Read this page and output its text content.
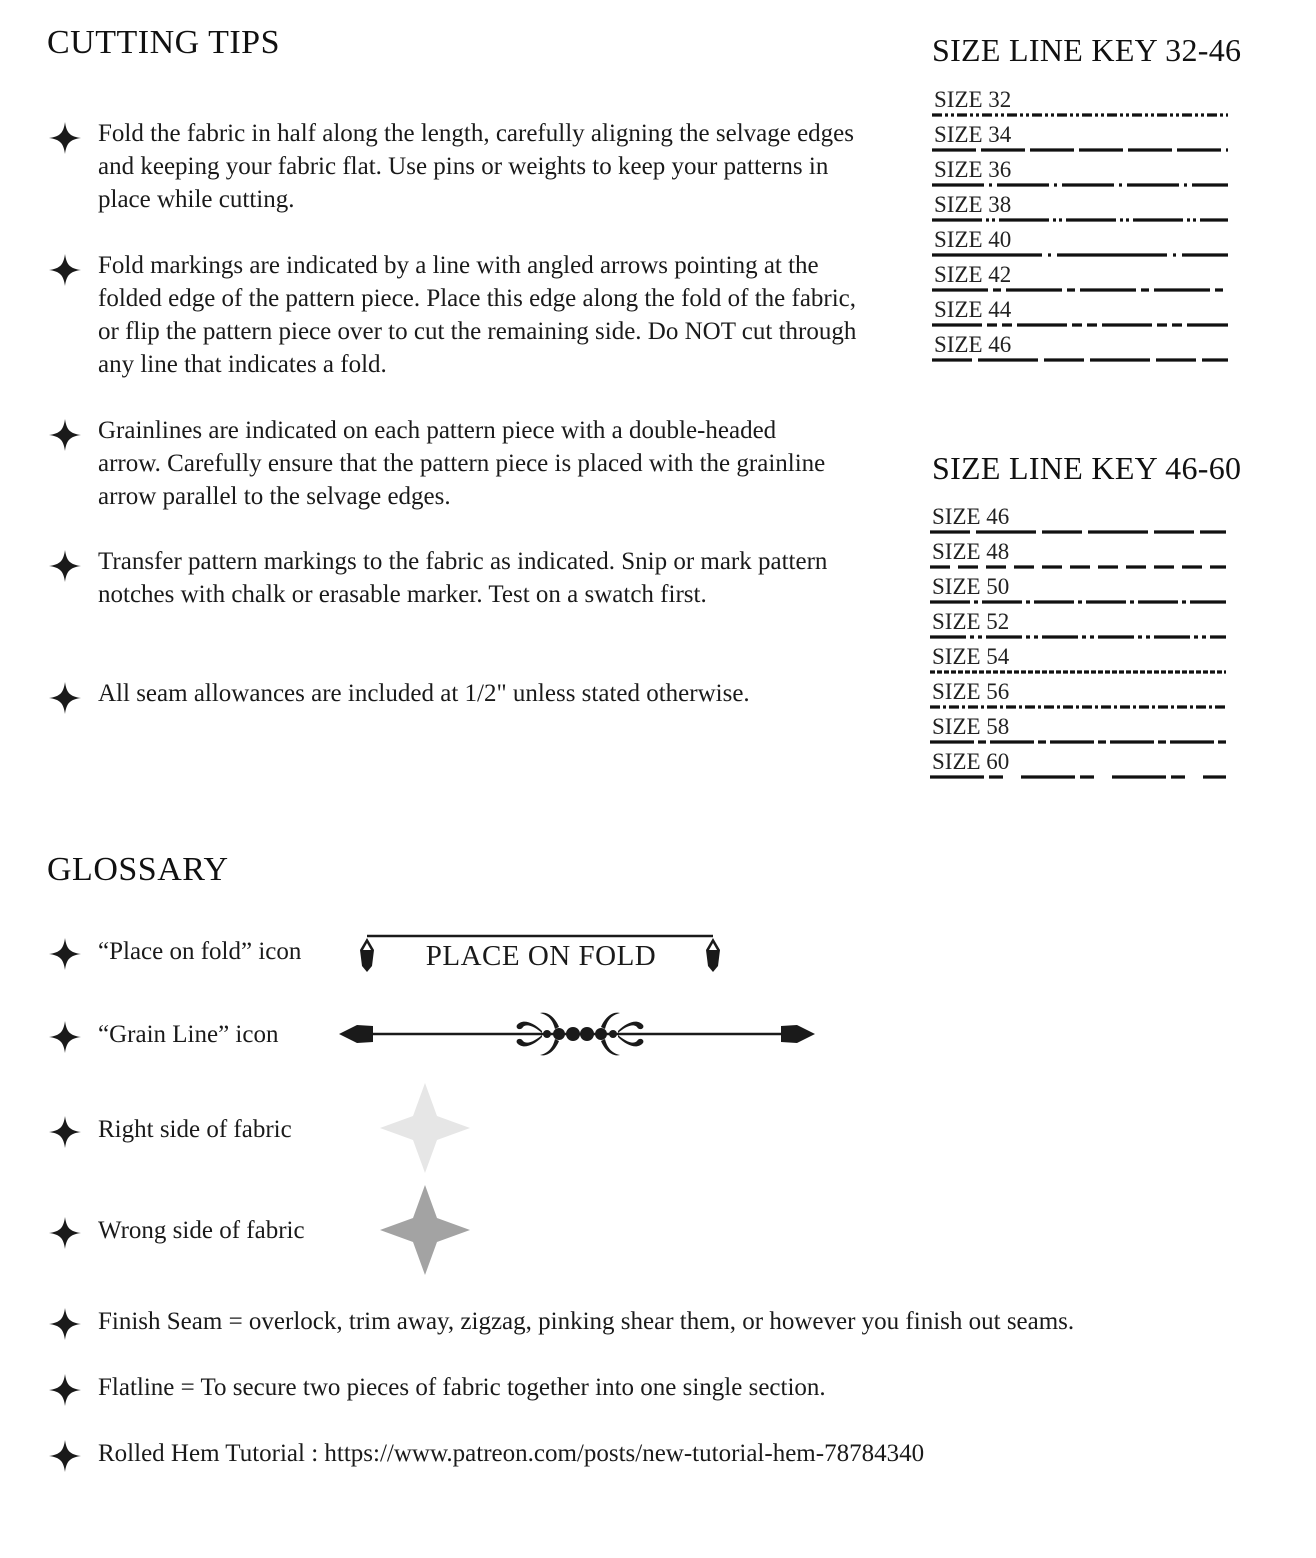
CUTTING TIPS
Fold the fabric in half along the length, carefully aligning the selvage edges and keeping your fabric flat. Use pins or weights to keep your patterns in place while cutting.
Fold markings are indicated by a line with angled arrows pointing at the folded edge of the pattern piece. Place this edge along the fold of the fabric, or flip the pattern piece over to cut the remaining side. Do NOT cut through any line that indicates a fold.
Grainlines are indicated on each pattern piece with a double-headed arrow. Carefully ensure that the pattern piece is placed with the grainline arrow parallel to the selvage edges.
Transfer pattern markings to the fabric as indicated. Snip or mark pattern notches with chalk or erasable marker. Test on a swatch first.
All seam allowances are included at 1/2" unless stated otherwise.
SIZE LINE KEY 32-46
SIZE 32
SIZE 34
SIZE 36
SIZE 38
SIZE 40
SIZE 42
SIZE 44
SIZE 46
SIZE LINE KEY 46-60
SIZE 46
SIZE 48
SIZE 50
SIZE 52
SIZE 54
SIZE 56
SIZE 58
SIZE 60
GLOSSARY
“Place on fold” icon	PLACE ON FOLD
“Grain Line” icon
Right side of fabric
Wrong side of fabric
Finish Seam = overlock, trim away, zigzag, pinking shear them, or however you finish out seams.
Flatline = To secure two pieces of fabric together into one single section.
Rolled Hem Tutorial : https://www.patreon.com/posts/new-tutorial-hem-78784340
